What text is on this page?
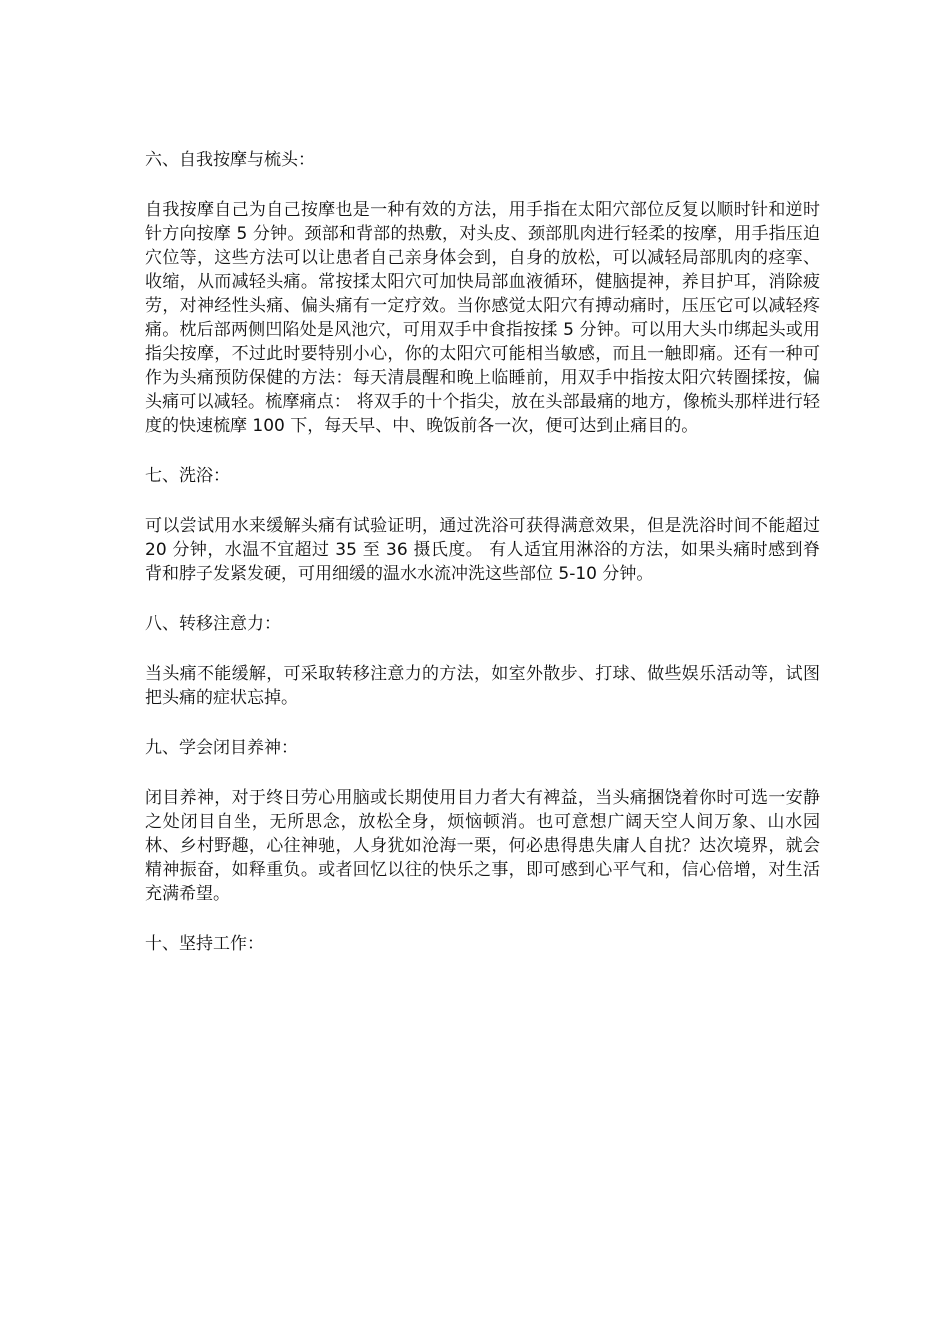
六、自我按摩与梳头：

自我按摩自己为自己按摩也是一种有效的方法，用手指在太阳穴部位反复以顺时针和逆时针方向按摩 5 分钟。颈部和背部的热敷，对头皮、颈部肌肉进行轻柔的按摩，用手指压迫穴位等，这些方法可以让患者自己亲身体会到，自身的放松，可以减轻局部肌肉的痉挛、收缩，从而减轻头痛。常按揉太阳穴可加快局部血液循环，健脑提神，养目护耳，消除疲劳，对神经性头痛、偏头痛有一定疗效。当你感觉太阳穴有搏动痛时，压压它可以减轻疼痛。枕后部两侧凹陷处是风池穴，可用双手中食指按揉 5 分钟。可以用大头巾绑起头或用指尖按摩，不过此时要特别小心，你的太阳穴可能相当敏感，而且一触即痛。还有一种可作为头痛预防保健的方法：每天清晨醒和晚上临睡前，用双手中指按太阳穴转圈揉按，偏头痛可以减轻。梳摩痛点： 将双手的十个指尖，放在头部最痛的地方，像梳头那样进行轻度的快速梳摩 100 下，每天早、中、晚饭前各一次，便可达到止痛目的。

七、洗浴：

可以尝试用水来缓解头痛有试验证明，通过洗浴可获得满意效果，但是洗浴时间不能超过 20 分钟，水温不宜超过 35 至 36 摄氏度。 有人适宜用淋浴的方法，如果头痛时感到脊背和脖子发紧发硬，可用细缓的温水水流冲洗这些部位 5-10 分钟。

八、转移注意力：

当头痛不能缓解，可采取转移注意力的方法，如室外散步、打球、做些娱乐活动等，试图把头痛的症状忘掉。

九、学会闭目养神：

闭目养神，对于终日劳心用脑或长期使用目力者大有裨益，当头痛捆饶着你时可选一安静之处闭目自坐，无所思念，放松全身，烦恼顿消。也可意想广阔天空人间万象、山水园林、乡村野趣，心往神驰，人身犹如沧海一栗，何必患得患失庸人自扰？达次境界，就会精神振奋，如释重负。或者回忆以往的快乐之事，即可感到心平气和，信心倍增，对生活充满希望。

十、坚持工作：
